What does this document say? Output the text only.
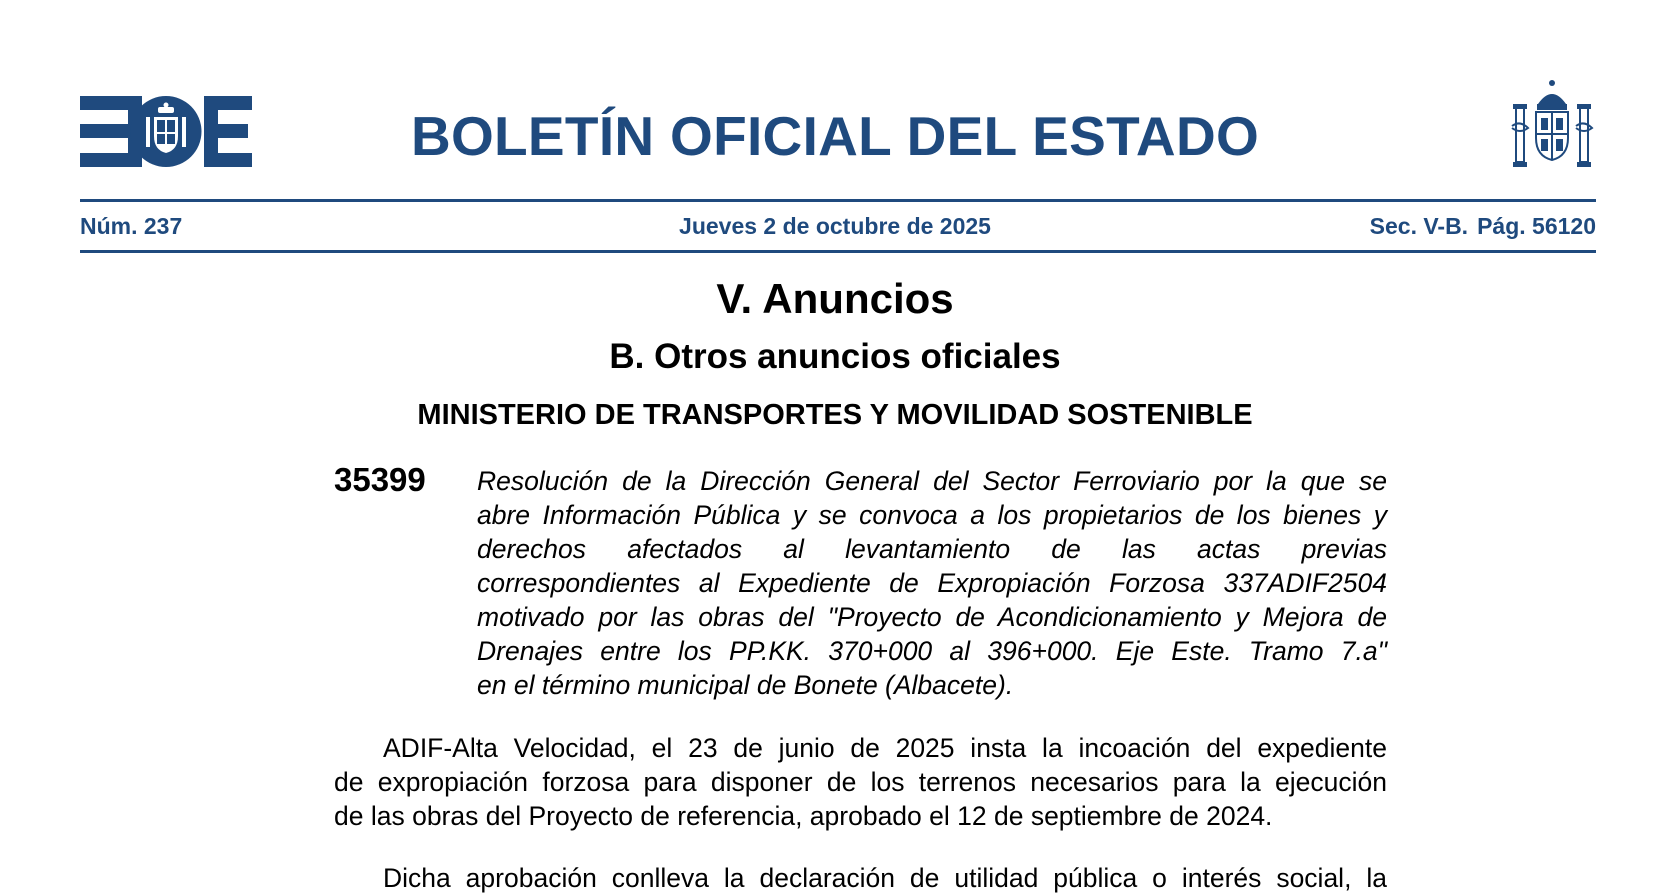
BOLETÍN OFICIAL DEL ESTADO
Núm. 237	Jueves 2 de octubre de 2025	Sec. V-B. Pág. 56120
V. Anuncios
B. Otros anuncios oficiales
MINISTERIO DE TRANSPORTES Y MOVILIDAD SOSTENIBLE
35399 Resolución de la Dirección General del Sector Ferroviario por la que se
abre Información Pública y se convoca a los propietarios de los bienes y
derechos afectados al levantamiento de las actas previas
correspondientes al Expediente de Expropiación Forzosa 337ADIF2504
motivado por las obras del "Proyecto de Acondicionamiento y Mejora de
Drenajes entre los PP.KK. 370+000 al 396+000. Eje Este. Tramo 7.a"
en el término municipal de Bonete (Albacete).
ADIF-Alta Velocidad, el 23 de junio de 2025 insta la incoación del expediente
de expropiación forzosa para disponer de los terrenos necesarios para la ejecución
de las obras del Proyecto de referencia, aprobado el 12 de septiembre de 2024.
Dicha aprobación conlleva la declaración de utilidad pública o interés social, la
